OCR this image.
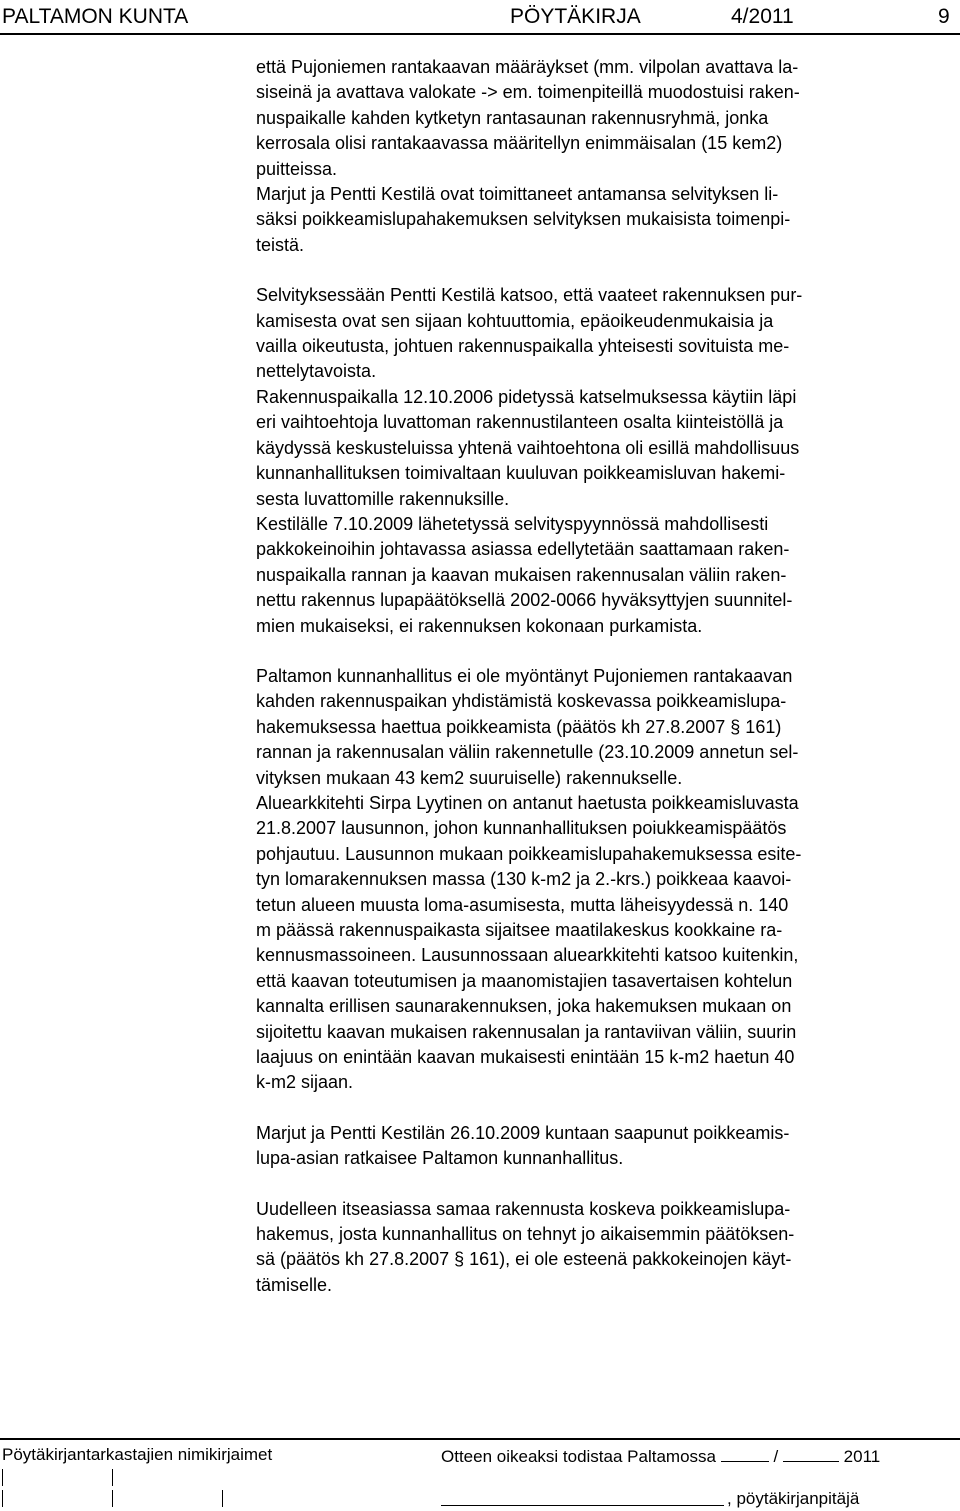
PALTAMON KUNTA	PÖYTÄKIRJA	4/2011	9

että Pujoniemen rantakaavan määräykset (mm. vilpolan avattava la-

siseinä ja avattava valokate -> em. toimenpiteillä muodostuisi raken-

nuspaikalle kahden kytketyn rantasaunan rakennusryhmä, jonka

kerrosala olisi rantakaavassa määritellyn enimmäisalan (15 kem2)

puitteissa.

Marjut ja Pentti Kestilä ovat toimittaneet antamansa selvityksen li-

säksi poikkeamislupahakemuksen selvityksen mukaisista toimenpi-

teistä.

Selvityksessään Pentti Kestilä katsoo, että vaateet rakennuksen pur-

kamisesta ovat sen sijaan kohtuuttomia, epäoikeudenmukaisia ja

vailla oikeutusta, johtuen rakennuspaikalla yhteisesti sovituista me-

nettelytavoista.

Rakennuspaikalla 12.10.2006 pidetyssä katselmuksessa käytiin läpi

eri vaihtoehtoja luvattoman rakennustilanteen osalta kiinteistöllä ja

käydyssä keskusteluissa yhtenä vaihtoehtona oli esillä mahdollisuus

kunnanhallituksen toimivaltaan kuuluvan poikkeamisluvan hakemi-

sesta luvattomille rakennuksille.

Kestilälle 7.10.2009 lähetetyssä selvityspyynnössä mahdollisesti

pakkokeinoihin johtavassa asiassa edellytetään saattamaan raken-

nuspaikalla rannan ja kaavan mukaisen rakennusalan väliin raken-

nettu rakennus lupapäätöksellä 2002-0066 hyväksyttyjen suunnitel-

mien mukaiseksi, ei rakennuksen kokonaan purkamista.

Paltamon kunnanhallitus ei ole myöntänyt Pujoniemen rantakaavan

kahden rakennuspaikan yhdistämistä koskevassa poikkeamislupa-

hakemuksessa haettua poikkeamista (päätös kh 27.8.2007 § 161)

rannan ja rakennusalan väliin rakennetulle (23.10.2009 annetun sel-

vityksen mukaan 43 kem2 suuruiselle) rakennukselle.

Aluearkkitehti Sirpa Lyytinen on antanut haetusta poikkeamisluvasta

21.8.2007 lausunnon, johon kunnanhallituksen poiukkeamispäätös

pohjautuu. Lausunnon mukaan poikkeamislupahakemuksessa esite-

tyn lomarakennuksen massa (130 k-m2 ja 2.-krs.) poikkeaa kaavoi-

tetun alueen muusta loma-asumisesta, mutta läheisyydessä n. 140

m päässä rakennuspaikasta sijaitsee maatilakeskus kookkaine ra-

kennusmassoineen. Lausunnossaan aluearkkitehti katsoo kuitenkin,

että kaavan toteutumisen ja maanomistajien tasavertaisen kohtelun

kannalta erillisen saunarakennuksen, joka hakemuksen mukaan on

sijoitettu kaavan mukaisen rakennusalan ja rantaviivan väliin, suurin

laajuus on enintään kaavan mukaisesti enintään 15 k-m2 haetun 40

k-m2 sijaan.

Marjut ja Pentti Kestilän 26.10.2009 kuntaan saapunut poikkeamis-

lupa-asian ratkaisee Paltamon kunnanhallitus.

Uudelleen itseasiassa samaa rakennusta koskeva poikkeamislupa-

hakemus, josta kunnanhallitus on tehnyt jo aikaisemmin päätöksen-

sä (päätös kh 27.8.2007 § 161), ei ole esteenä pakkokeinojen käyt-

tämiselle.

Pöytäkirjantarkastajien nimikirjaimet	Otteen oikeaksi todistaa Paltamossa	/	2011
, pöytäkirjanpitäjä
